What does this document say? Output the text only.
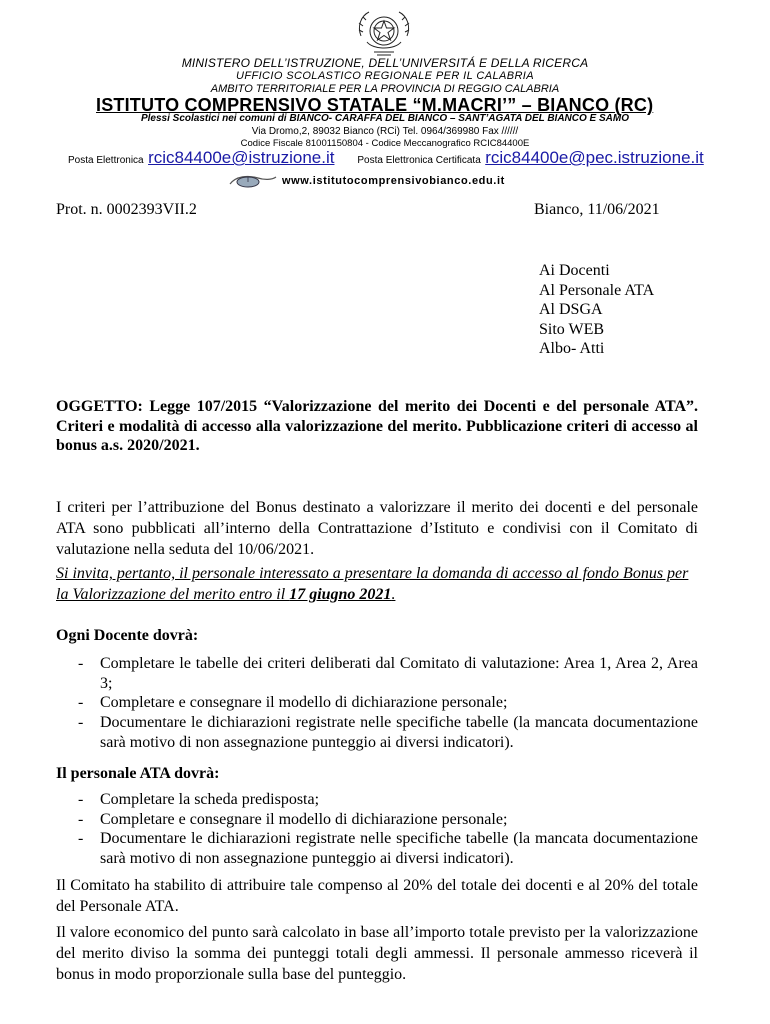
MINISTERO DELL’ISTRUZIONE, DELL’UNIVERSITÁ E DELLA RICERCA
UFFICIO SCOLASTICO REGIONALE PER IL CALABRIA
AMBITO TERRITORIALE PER LA PROVINCIA DI REGGIO CALABRIA
ISTITUTO COMPRENSIVO STATALE “M.MACRI’” – BIANCO (RC)
Plessi Scolastici nei comuni di BIANCO- CARAFFA DEL BIANCO – SANT’AGATA DEL BIANCO E SAMO
Via Dromo,2, 89032 Bianco (RCi) Tel. 0964/369980 Fax //////
Codice Fiscale 81001150804 - Codice Meccanografico RCIC84400E
Posta Elettronica rcic84400e@istruzione.it Posta Elettronica Certificata rcic84400e@pec.istruzione.it
www.istitutocomprensivobianco.edu.it
Prot. n. 0002393VII.2	Bianco, 11/06/2021
Ai Docenti
Al Personale ATA
Al DSGA
Sito WEB
Albo- Atti
OGGETTO: Legge 107/2015 “Valorizzazione del merito dei Docenti e del personale ATA”. Criteri e modalità di accesso alla valorizzazione del merito. Pubblicazione criteri di accesso al bonus a.s. 2020/2021.
I criteri per l’attribuzione del Bonus destinato a valorizzare il merito dei docenti e del personale ATA sono pubblicati all’interno della Contrattazione d’Istituto e condivisi con il Comitato di valutazione nella seduta del 10/06/2021.
Si invita, pertanto, il personale interessato a presentare la domanda di accesso al fondo Bonus per la Valorizzazione del merito entro il 17 giugno 2021.
Ogni Docente dovrà:
- Completare le tabelle dei criteri deliberati dal Comitato di valutazione: Area 1, Area 2, Area 3;
- Completare e consegnare il modello di dichiarazione personale;
- Documentare le dichiarazioni registrate nelle specifiche tabelle (la mancata documentazione sarà motivo di non assegnazione punteggio ai diversi indicatori).
Il personale ATA dovrà:
- Completare la scheda predisposta;
- Completare e consegnare il modello di dichiarazione personale;
- Documentare le dichiarazioni registrate nelle specifiche tabelle (la mancata documentazione sarà motivo di non assegnazione punteggio ai diversi indicatori).
Il Comitato ha stabilito di attribuire tale compenso al 20% del totale dei docenti e al 20% del totale del Personale ATA.
Il valore economico del punto sarà calcolato in base all’importo totale previsto per la valorizzazione del merito diviso la somma dei punteggi totali degli ammessi. Il personale ammesso riceverà il bonus in modo proporzionale sulla base del punteggio.
